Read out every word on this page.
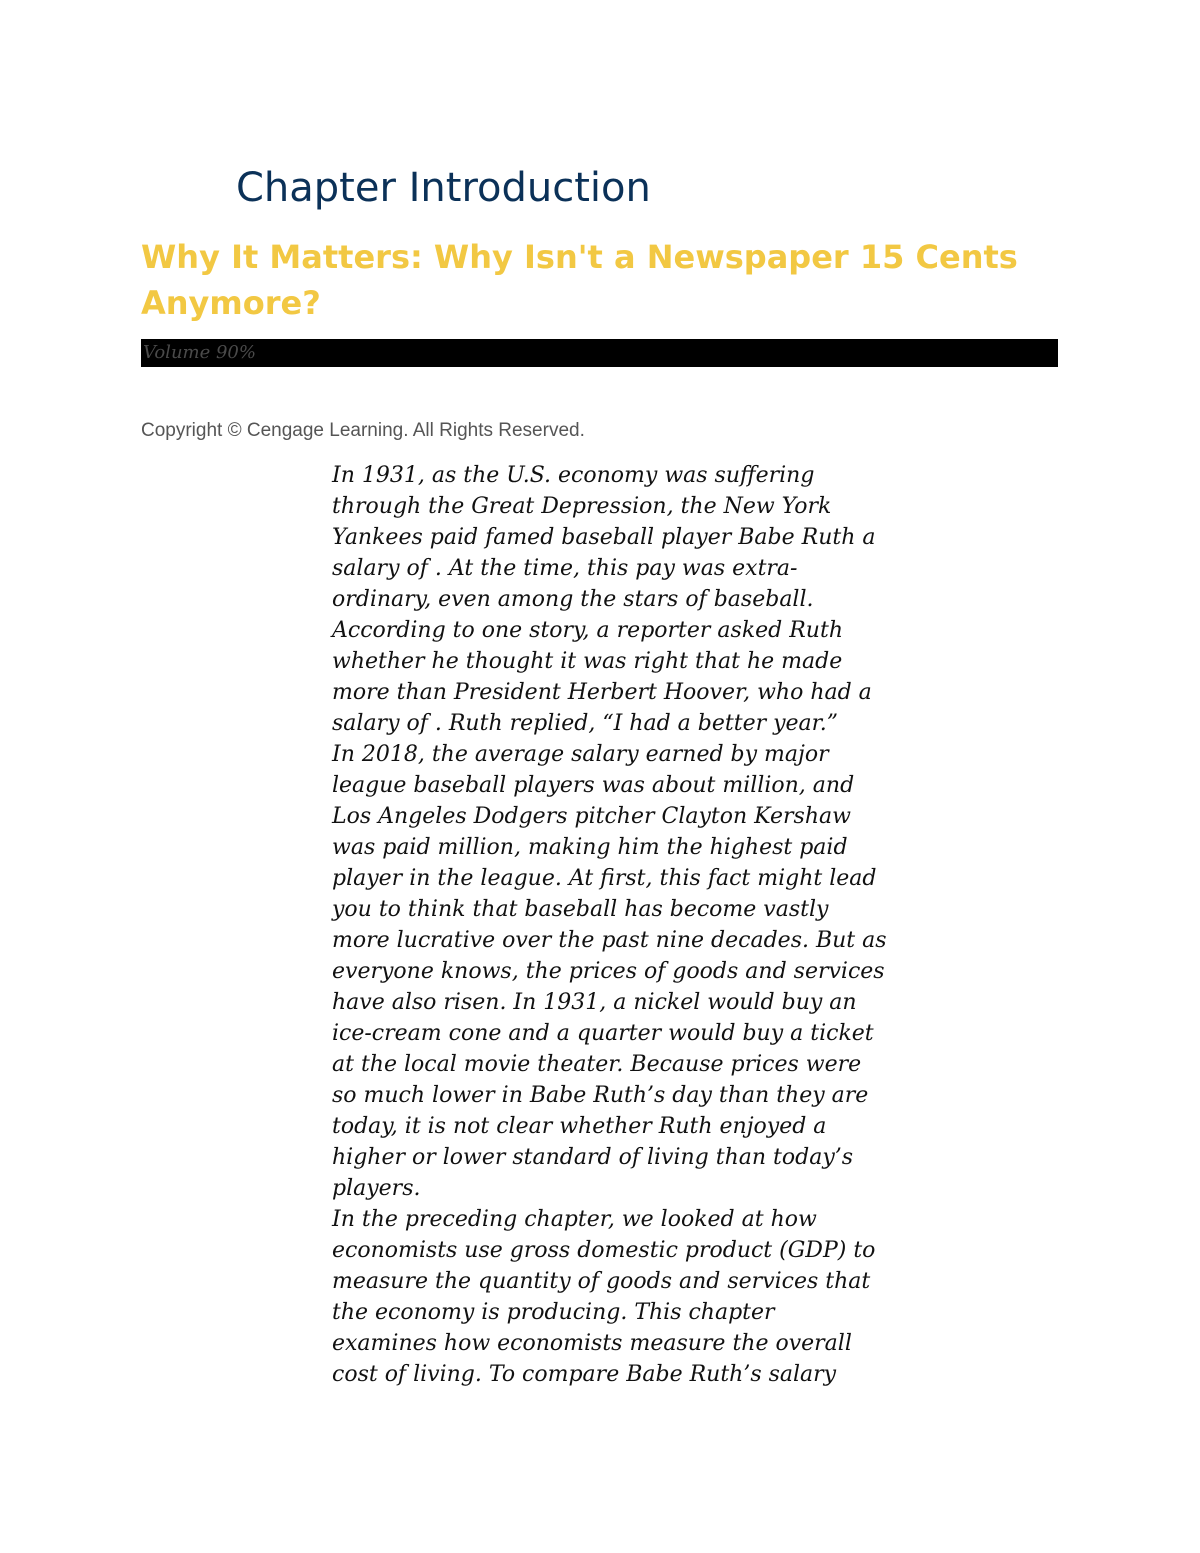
Chapter Introduction
Why It Matters: Why Isn't a Newspaper 15 Cents Anymore?
Volume 90%

Copyright © Cengage Learning. All Rights Reserved.

In 1931, as the U.S. economy was suffering
through the Great Depression, the New York
Yankees paid famed baseball player Babe Ruth a
salary of . At the time, this pay was extra-
ordinary, even among the stars of baseball.
According to one story, a reporter asked Ruth
whether he thought it was right that he made
more than President Herbert Hoover, who had a
salary of . Ruth replied, “I had a better year.”
In 2018, the average salary earned by major
league baseball players was about million, and
Los Angeles Dodgers pitcher Clayton Kershaw
was paid million, making him the highest paid
player in the league. At first, this fact might lead
you to think that baseball has become vastly
more lucrative over the past nine decades. But as
everyone knows, the prices of goods and services
have also risen. In 1931, a nickel would buy an
ice-cream cone and a quarter would buy a ticket
at the local movie theater. Because prices were
so much lower in Babe Ruth’s day than they are
today, it is not clear whether Ruth enjoyed a
higher or lower standard of living than today’s
players.
In the preceding chapter, we looked at how
economists use gross domestic product (GDP) to
measure the quantity of goods and services that
the economy is producing. This chapter
examines how economists measure the overall
cost of living. To compare Babe Ruth’s salary
